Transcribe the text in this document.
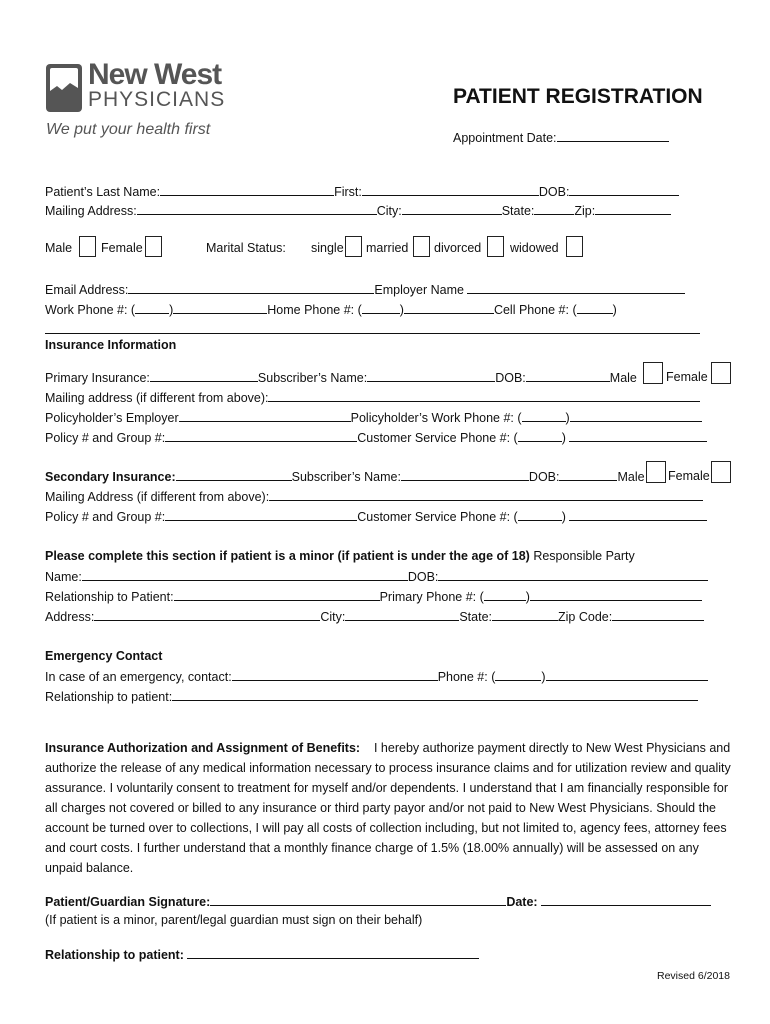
New West
PHYSICIANS
We put your health first
PATIENT REGISTRATION
Appointment Date:
Patient’s Last Name:	First:	DOB:
Mailing Address:	City:	State:	Zip:
Male Female	Marital Status: single married divorced widowed
Email Address:	Employer Name
Work Phone #: (	)	Home Phone #: (	)	Cell Phone #: (	)
Insurance Information
Primary Insurance:	Subscriber’s Name:	DOB:	Male Female
Mailing address (if different from above):
Policyholder’s Employer	Policyholder’s Work Phone #: (	)
Policy # and Group #:	Customer Service Phone #: (	)
Secondary Insurance:	Subscriber’s Name:	DOB:	Male Female
Mailing Address (if different from above):
Policy # and Group #:	Customer Service Phone #: (	)
Please complete this section if patient is a minor (if patient is under the age of 18) Responsible Party
Name:	DOB:
Relationship to Patient:	Primary Phone #: (	)
Address:	City:	State:	Zip Code:
Emergency Contact
In case of an emergency, contact:	Phone #: (	)
Relationship to patient:
Insurance Authorization and Assignment of Benefits: I hereby authorize payment directly to New West Physicians and authorize the release of any medical information necessary to process insurance claims and for utilization review and quality assurance. I voluntarily consent to treatment for myself and/or dependents. I understand that I am financially responsible for all charges not covered or billed to any insurance or third party payor and/or not paid to New West Physicians. Should the account be turned over to collections, I will pay all costs of collection including, but not limited to, agency fees, attorney fees and court costs. I further understand that a monthly finance charge of 1.5% (18.00% annually) will be assessed on any unpaid balance.
Patient/Guardian Signature:	Date:
(If patient is a minor, parent/legal guardian must sign on their behalf)
Relationship to patient:
Revised 6/2018
